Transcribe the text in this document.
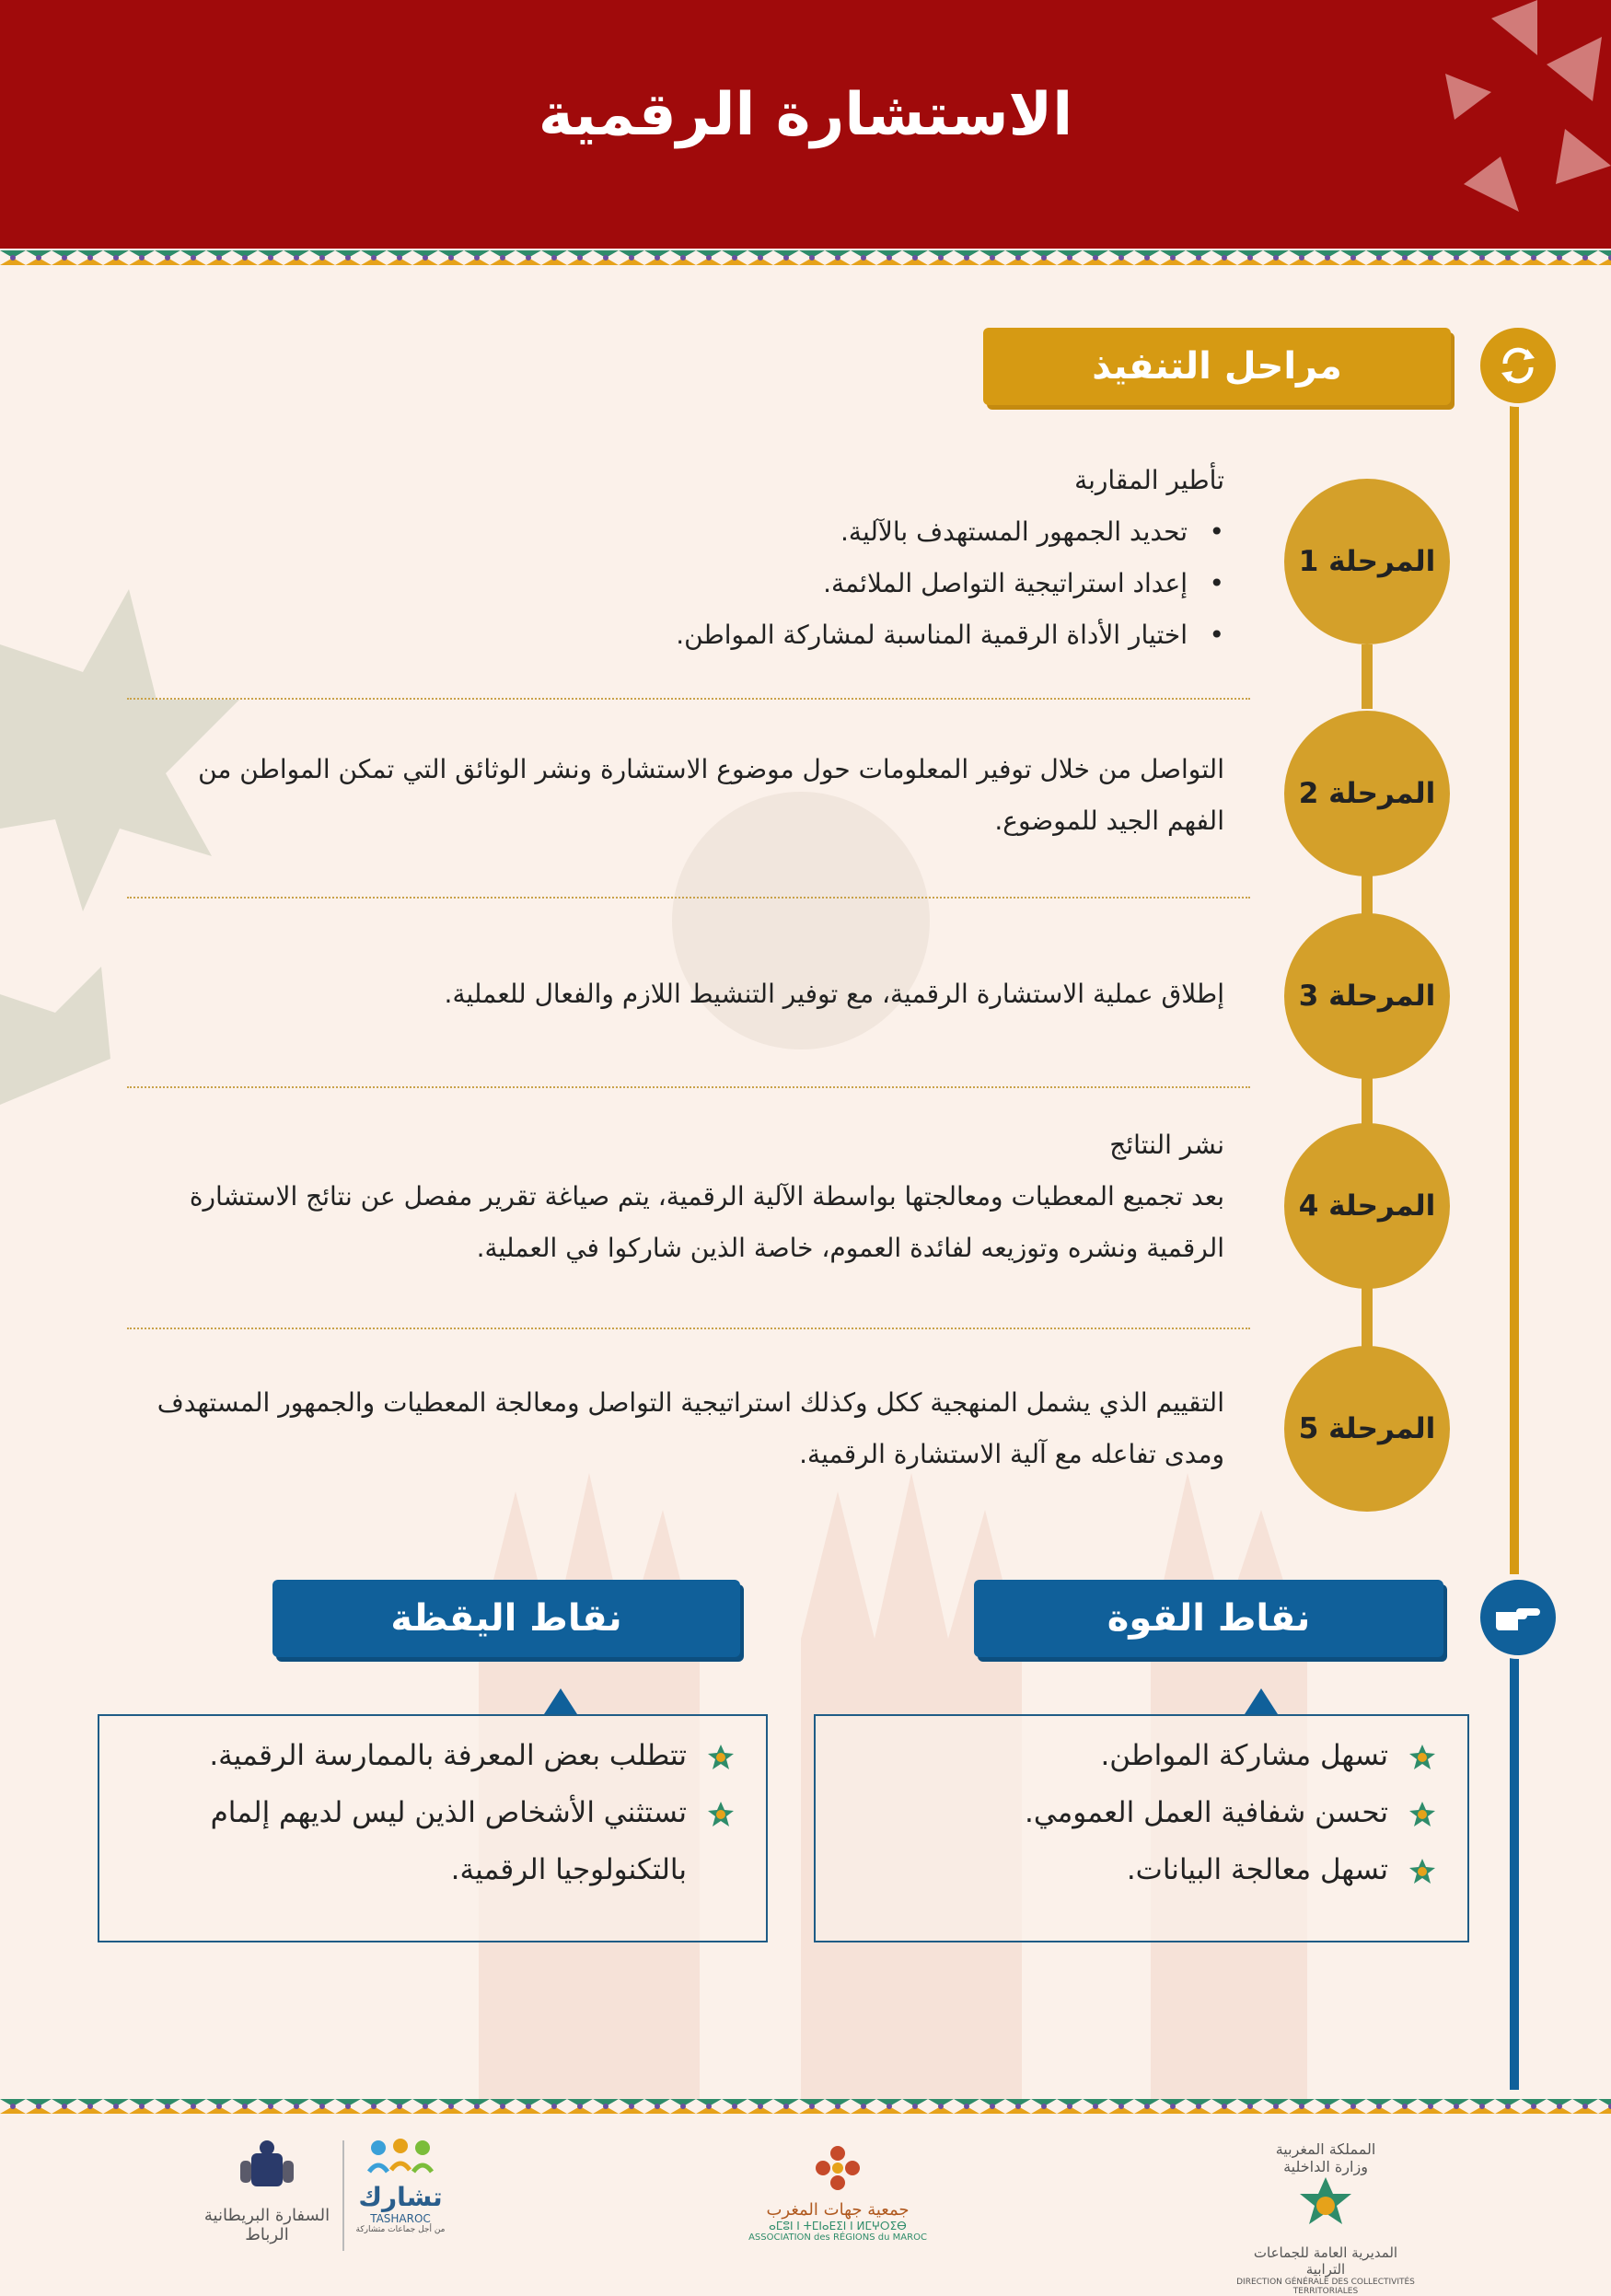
الاستشارة الرقمية
مراحل التنفيذ
المرحلة 1
تأطير المقاربة
• تحديد الجمهور المستهدف بالآلية.
• إعداد استراتيجية التواصل الملائمة.
• اختيار الأداة الرقمية المناسبة لمشاركة المواطن.
المرحلة 2
التواصل من خلال توفير المعلومات حول موضوع الاستشارة ونشر الوثائق التي تمكن المواطن من الفهم الجيد للموضوع.
المرحلة 3
إطلاق عملية الاستشارة الرقمية، مع توفير التنشيط اللازم والفعال للعملية.
المرحلة 4
نشر النتائج
بعد تجميع المعطيات ومعالجتها بواسطة الآلية الرقمية، يتم صياغة تقرير مفصل عن نتائج الاستشارة الرقمية ونشره وتوزيعه لفائدة العموم، خاصة الذين شاركوا في العملية.
المرحلة 5
التقييم الذي يشمل المنهجية ككل وكذلك استراتيجية التواصل ومعالجة المعطيات والجمهور المستهدف ومدى تفاعله مع آلية الاستشارة الرقمية.
نقاط القوة
نقاط اليقظة
تسهل مشاركة المواطن.
تحسن شفافية العمل العمومي.
تسهل معالجة البيانات.
تتطلب بعض المعرفة بالممارسة الرقمية.
تستثني الأشخاص الذين ليس لديهم إلمام بالتكنولوجيا الرقمية.
المملكة المغربية
وزارة الداخلية
المديرية العامة للجماعات الترابية
DIRECTION GÉNÉRALE DES COLLECTIVITÉS TERRITORIALES
جمعية جهات المغرب
ⴰⵎⵓⵏ ⵏ ⵜⵎⵏⴰⴹⵉⵏ ⵏ ⵍⵎⵖⵔⵉⴱ
ASSOCIATION des RÉGIONS du MAROC
تشارك
TASHAROC
من أجل جماعات متشاركة
السفارة البريطانية
الرباط
